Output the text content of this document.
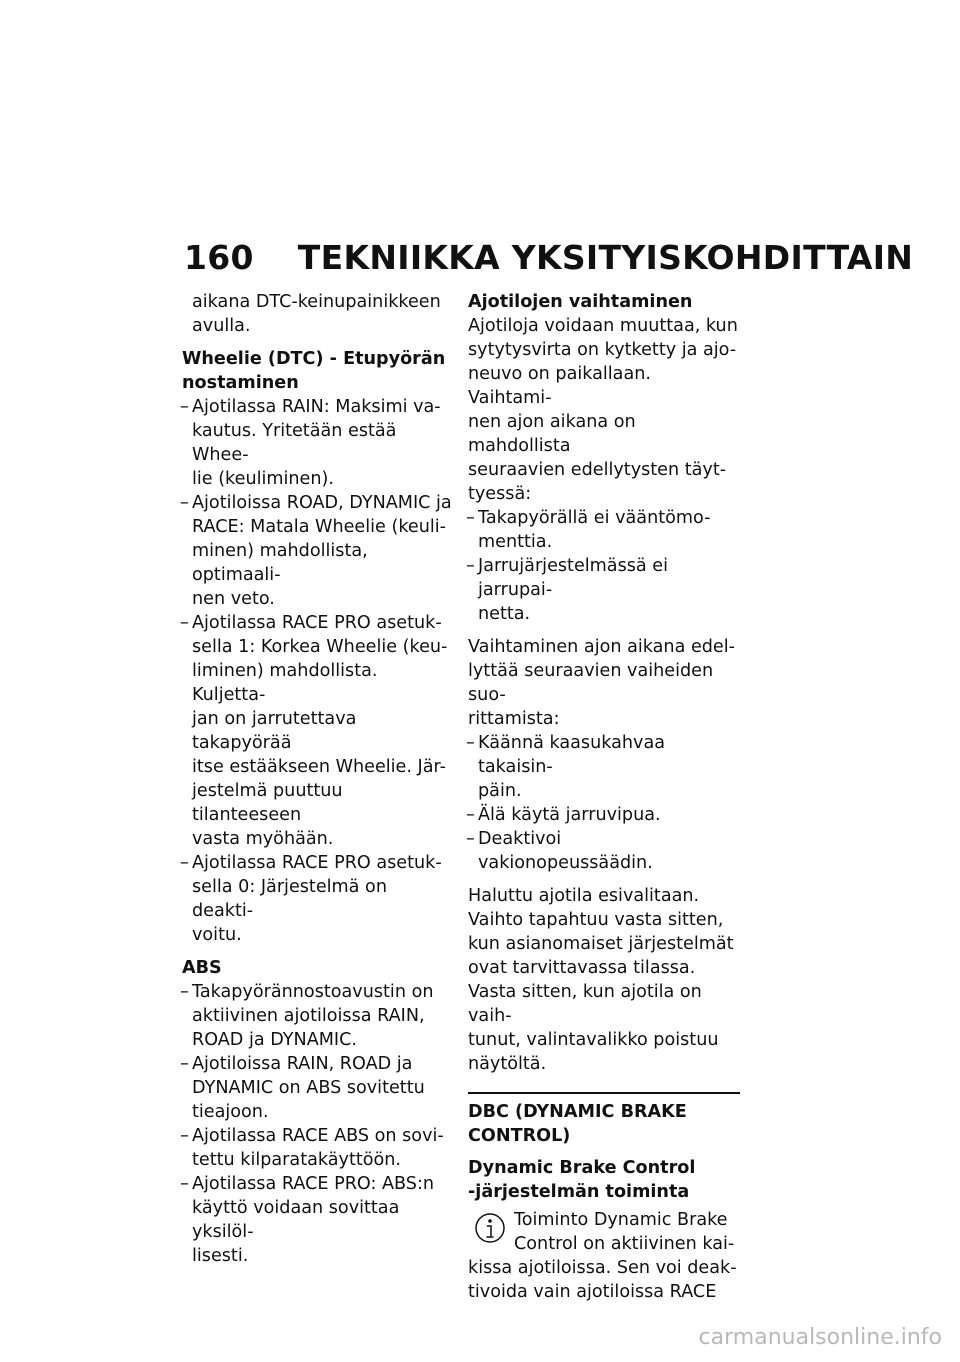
160 TEKNIIKKA YKSITYISKOHDITTAIN
aikana DTC-keinupainikkeen
avulla.
Wheelie (DTC) - Etupyörän
nostaminen
– Ajotilassa RAIN: Maksimi va-
kautus. Yritetään estää Whee-
lie (keuliminen).
– Ajotiloissa ROAD, DYNAMIC ja
RACE: Matala Wheelie (keuli-
minen) mahdollista, optimaali-
nen veto.
– Ajotilassa RACE PRO asetuk-
sella 1: Korkea Wheelie (keu-
liminen) mahdollista. Kuljetta-
jan on jarrutettava takapyörää
itse estääkseen Wheelie. Jär-
jestelmä puuttuu tilanteeseen
vasta myöhään.
– Ajotilassa RACE PRO asetuk-
sella 0: Järjestelmä on deakti-
voitu.
ABS
– Takapyörännostoavustin on
aktiivinen ajotiloissa RAIN,
ROAD ja DYNAMIC.
– Ajotiloissa RAIN, ROAD ja
DYNAMIC on ABS sovitettu
tieajoon.
– Ajotilassa RACE ABS on sovi-
tettu kilparatakäyttöön.
– Ajotilassa RACE PRO: ABS:n
käyttö voidaan sovittaa yksilöl-
lisesti.
Ajotilojen vaihtaminen
Ajotiloja voidaan muuttaa, kun
sytytysvirta on kytketty ja ajo-
neuvo on paikallaan. Vaihtami-
nen ajon aikana on mahdollista
seuraavien edellytysten täyt-
tyessä:
– Takapyörällä ei vääntömo-
menttia.
– Jarrujärjestelmässä ei jarrupai-
netta.
Vaihtaminen ajon aikana edel-
lyttää seuraavien vaiheiden suo-
rittamista:
– Käännä kaasukahvaa takaisin-
päin.
– Älä käytä jarruvipua.
– Deaktivoi vakionopeussäädin.
Haluttu ajotila esivalitaan.
Vaihto tapahtuu vasta sitten,
kun asianomaiset järjestelmät
ovat tarvittavassa tilassa.
Vasta sitten, kun ajotila on vaih-
tunut, valintavalikko poistuu
näytöltä.
DBC (DYNAMIC BRAKE
CONTROL)
Dynamic Brake Control
-järjestelmän toiminta
Toiminto Dynamic Brake
Control on aktiivinen kai-
kissa ajotiloissa. Sen voi deak-
tivoida vain ajotiloissa RACE
carmanualsonline.info
